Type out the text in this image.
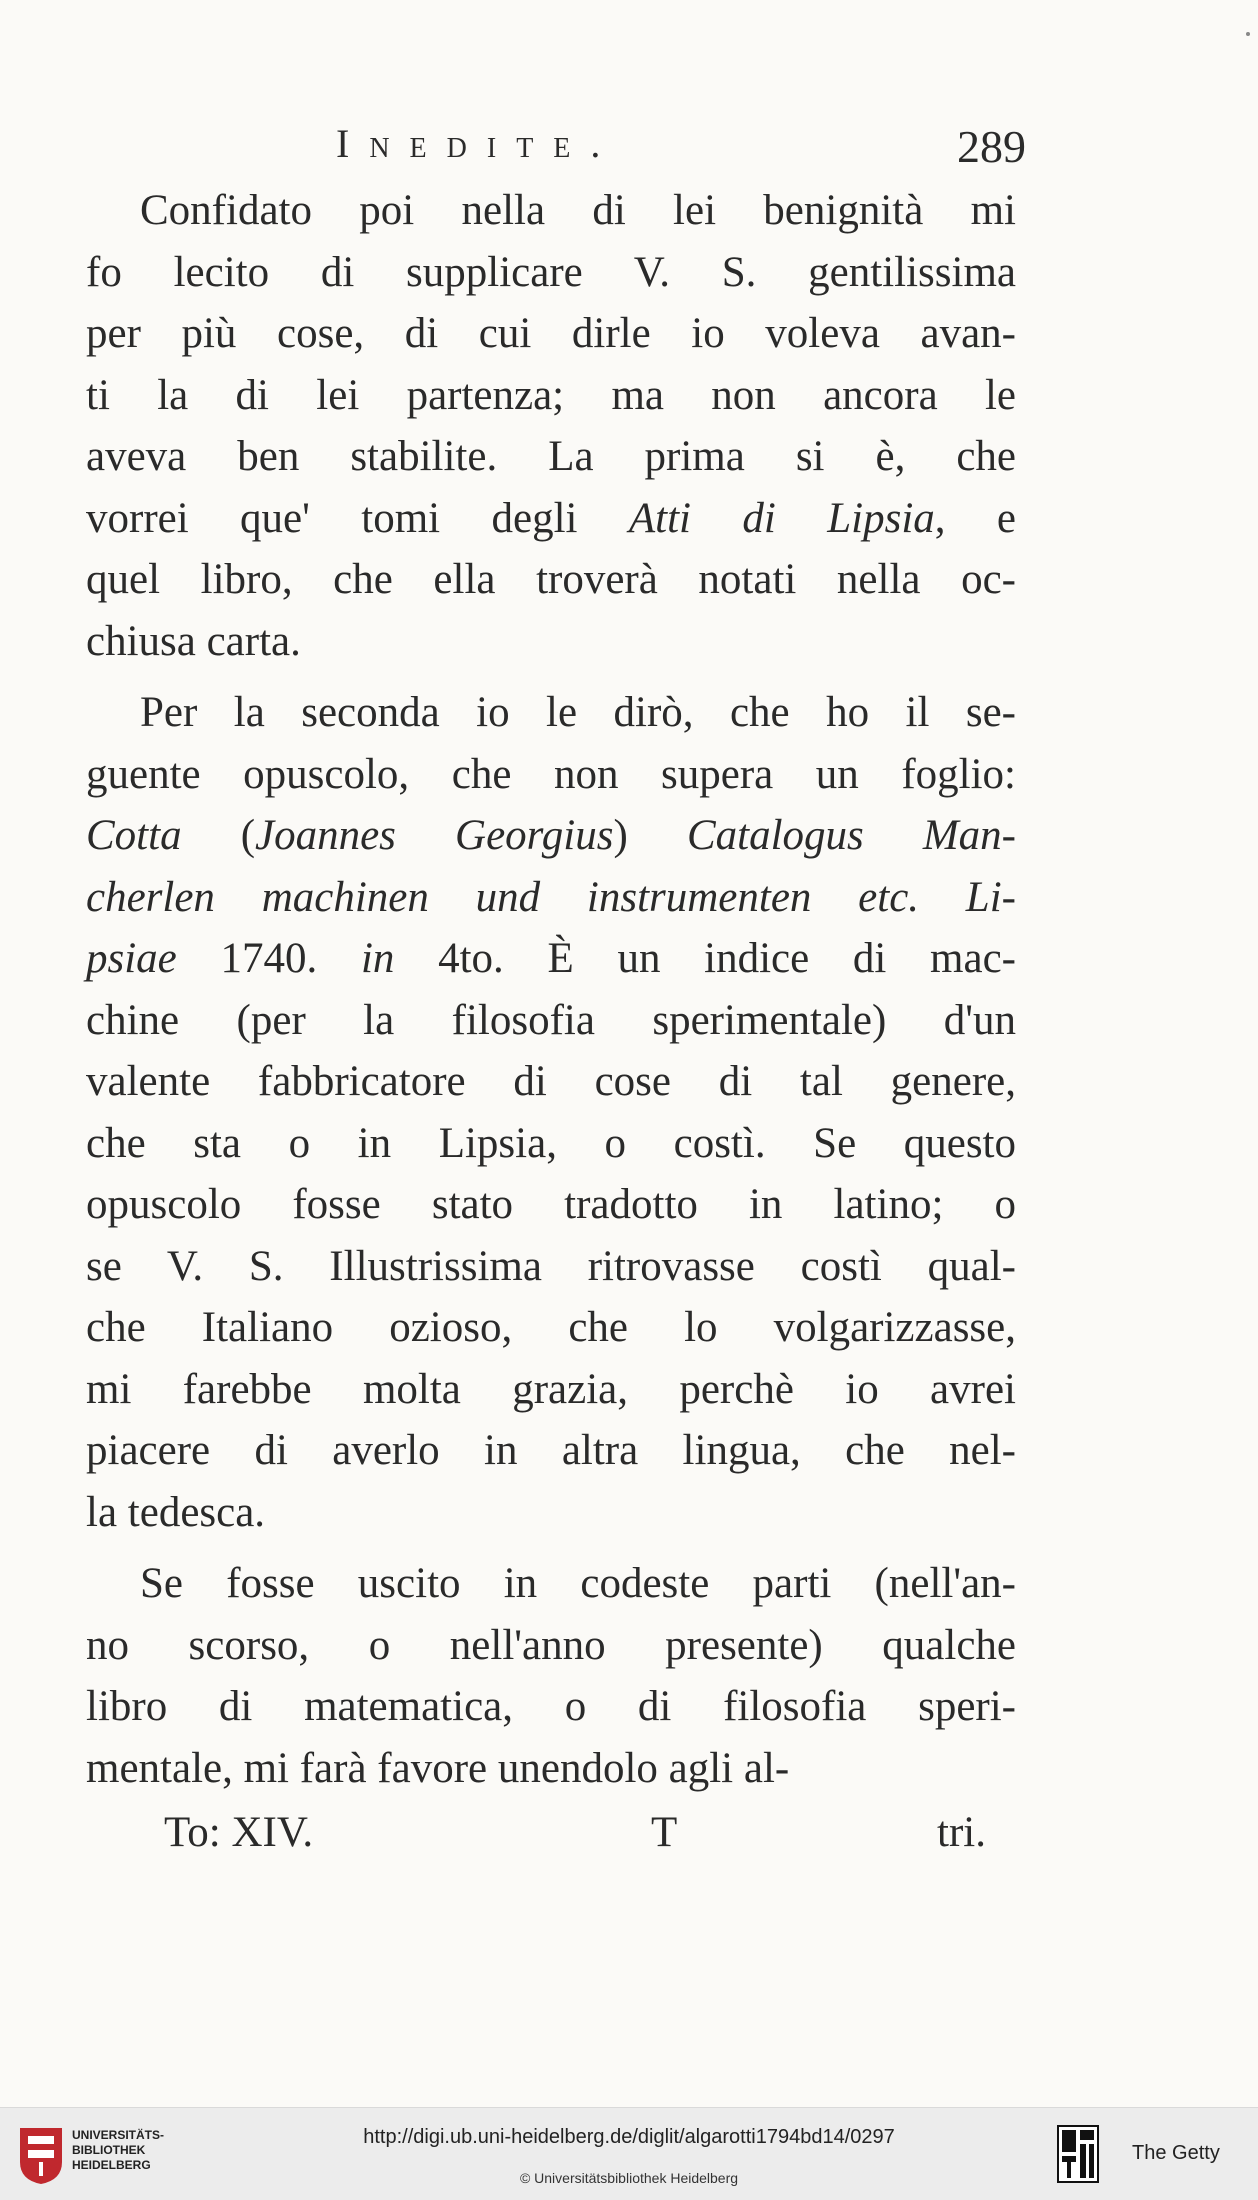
Inedite.	289
Confidato poi nella di lei benignità mi
fo lecito di supplicare V. S. gentilissima
per più cose, di cui dirle io voleva avan-
ti la di lei partenza; ma non ancora le
aveva ben stabilite. La prima si è, che
vorrei que' tomi degli Atti di Lipsia, e
quel libro, che ella troverà notati nella oc-
chiusa carta.
Per la seconda io le dirò, che ho il se-
guente opuscolo, che non supera un foglio:
Cotta (Joannes Georgius) Catalogus Man-
cherlen machinen und instrumenten etc. Li-
psiae 1740. in 4to. È un indice di mac-
chine (per la filosofia sperimentale) d'un
valente fabbricatore di cose di tal genere,
che sta o in Lipsia, o costì. Se questo
opuscolo fosse stato tradotto in latino; o
se V. S. Illustrissima ritrovasse costì qual-
che Italiano ozioso, che lo volgarizzasse,
mi farebbe molta grazia, perchè io avrei
piacere di averlo in altra lingua, che nel-
la tedesca.
Se fosse uscito in codeste parti (nell'an-
no scorso, o nell'anno presente) qualche
libro di matematica, o di filosofia speri-
mentale, mi farà favore unendolo agli al-
To: XIV.	T	tri.
UNIVERSITÄTS-
BIBLIOTHEK
HEIDELBERG
http://digi.ub.uni-heidelberg.de/diglit/algarotti1794bd14/0297
© Universitätsbibliothek Heidelberg
The Getty
